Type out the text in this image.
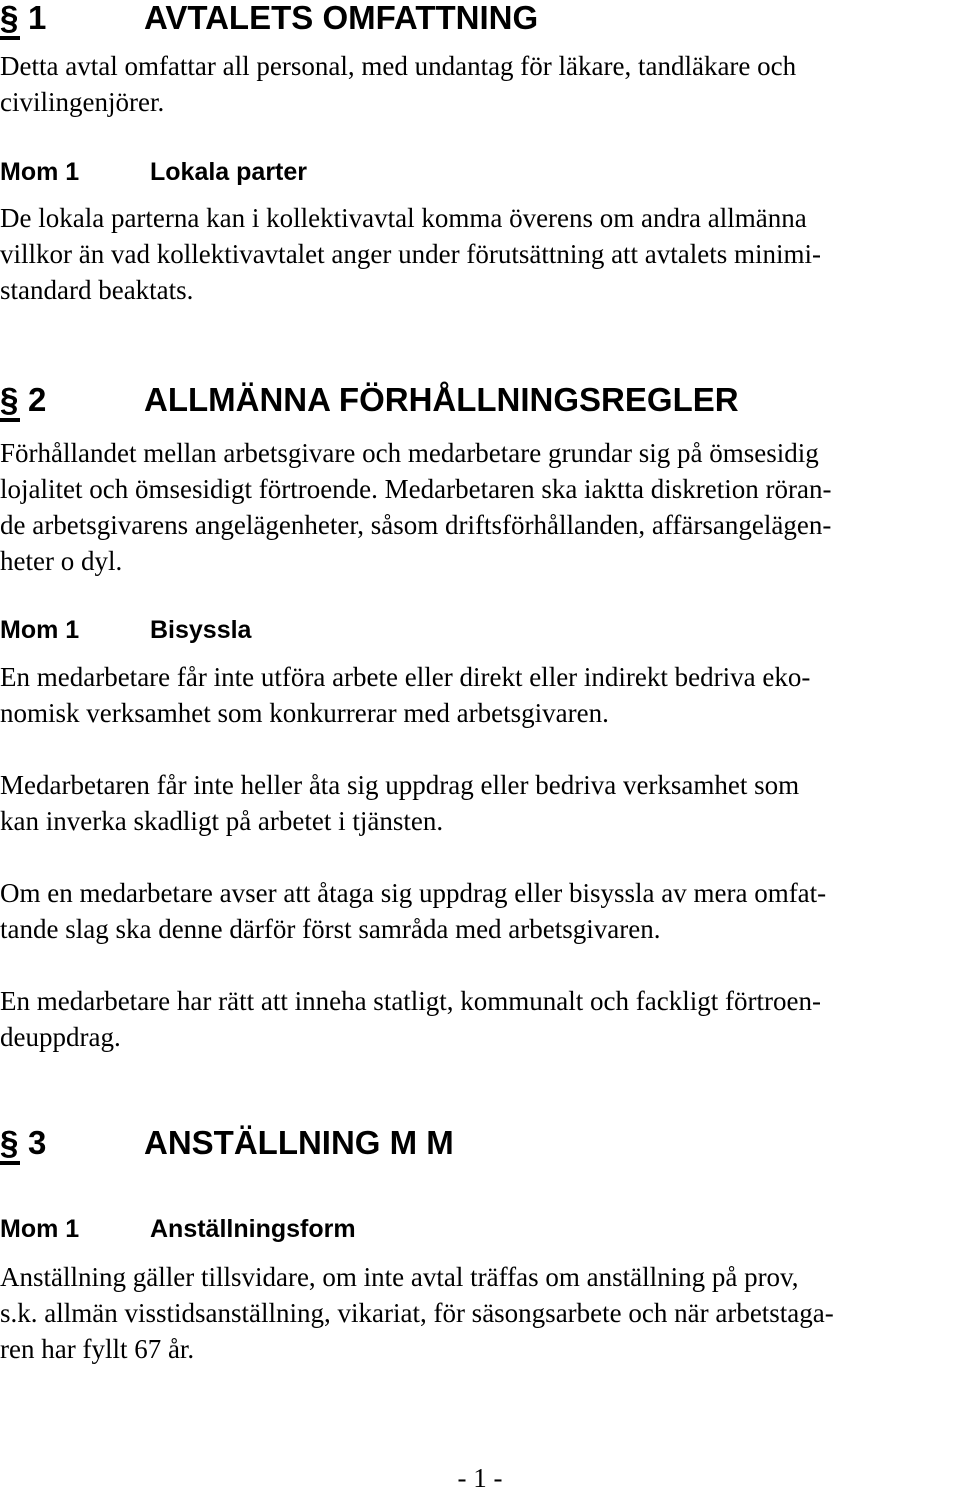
§ § 1	AVTALETS OMFATTNING
Detta avtal omfattar all personal, med undantag för läkare, tandläkare och
civilingenjörer.
Mom 1	Lokala parter
De lokala parterna kan i kollektivavtal komma överens om andra allmänna
villkor än vad kollektivavtalet anger under förutsättning att avtalets minimi-
standard beaktats.
§ § 2	ALLMÄNNA FÖRHÅLLNINGSREGLER
Förhållandet mellan arbetsgivare och medarbetare grundar sig på ömsesidig
lojalitet och ömsesidigt förtroende. Medarbetaren ska iaktta diskretion röran-
de arbetsgivarens angelägenheter, såsom driftsförhållanden, affärsangelägen-
heter o dyl.
Mom 1	Bisyssla
En medarbetare får inte utföra arbete eller direkt eller indirekt bedriva eko-
nomisk verksamhet som konkurrerar med arbetsgivaren.
Medarbetaren får inte heller åta sig uppdrag eller bedriva verksamhet som
kan inverka skadligt på arbetet i tjänsten.
Om en medarbetare avser att åtaga sig uppdrag eller bisyssla av mera omfat-
tande slag ska denne därför först samråda med arbetsgivaren.
En medarbetare har rätt att inneha statligt, kommunalt och fackligt förtroen-
deuppdrag.
§ § 3	ANSTÄLLNING M M
Mom 1	Anställningsform
Anställning gäller tillsvidare, om inte avtal träffas om anställning på prov,
s.k. allmän visstidsanställning, vikariat, för säsongsarbete och när arbetstaga-
ren har fyllt 67 år.
- 1 -
